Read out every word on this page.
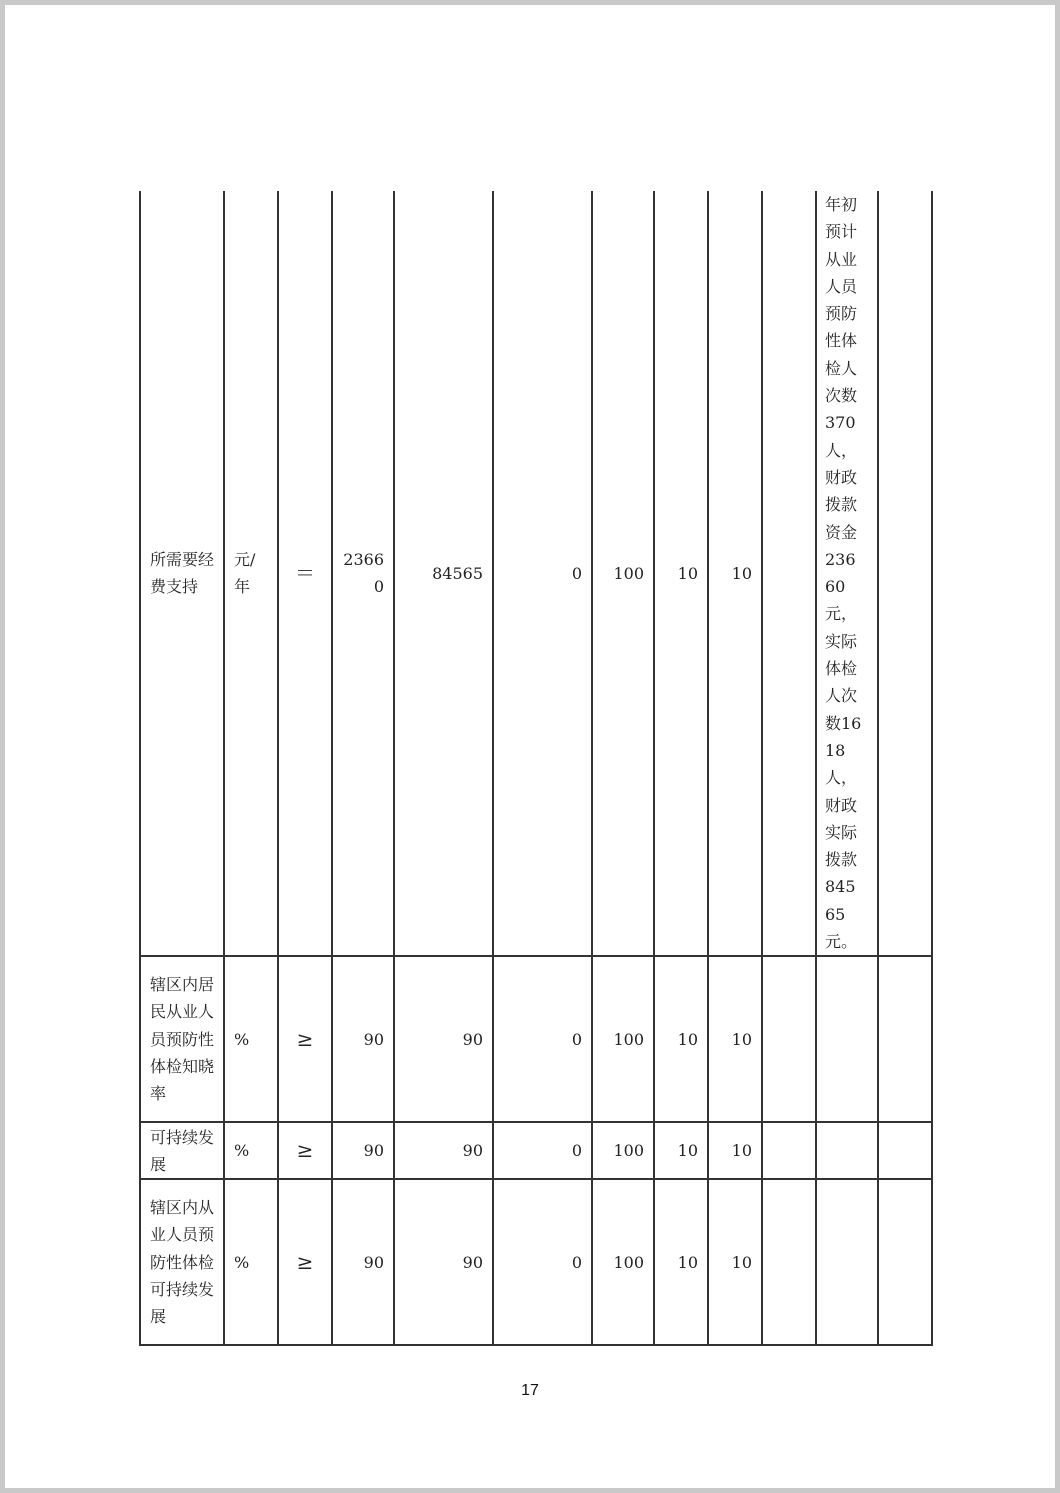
所需要经费支持	元/年	＝	23660	84565	0	100	10	10		年初预计从业人员预防性体检人次数370人，财政拨款资金23660元，实际体检人次数1618人，财政实际拨款84565元。	
辖区内居民从业人员预防性体检知晓率	%	≥	90	90	0	100	10	10			
可持续发展	%	≥	90	90	0	100	10	10			
辖区内从业人员预防性体检可持续发展	%	≥	90	90	0	100	10	10			
17
